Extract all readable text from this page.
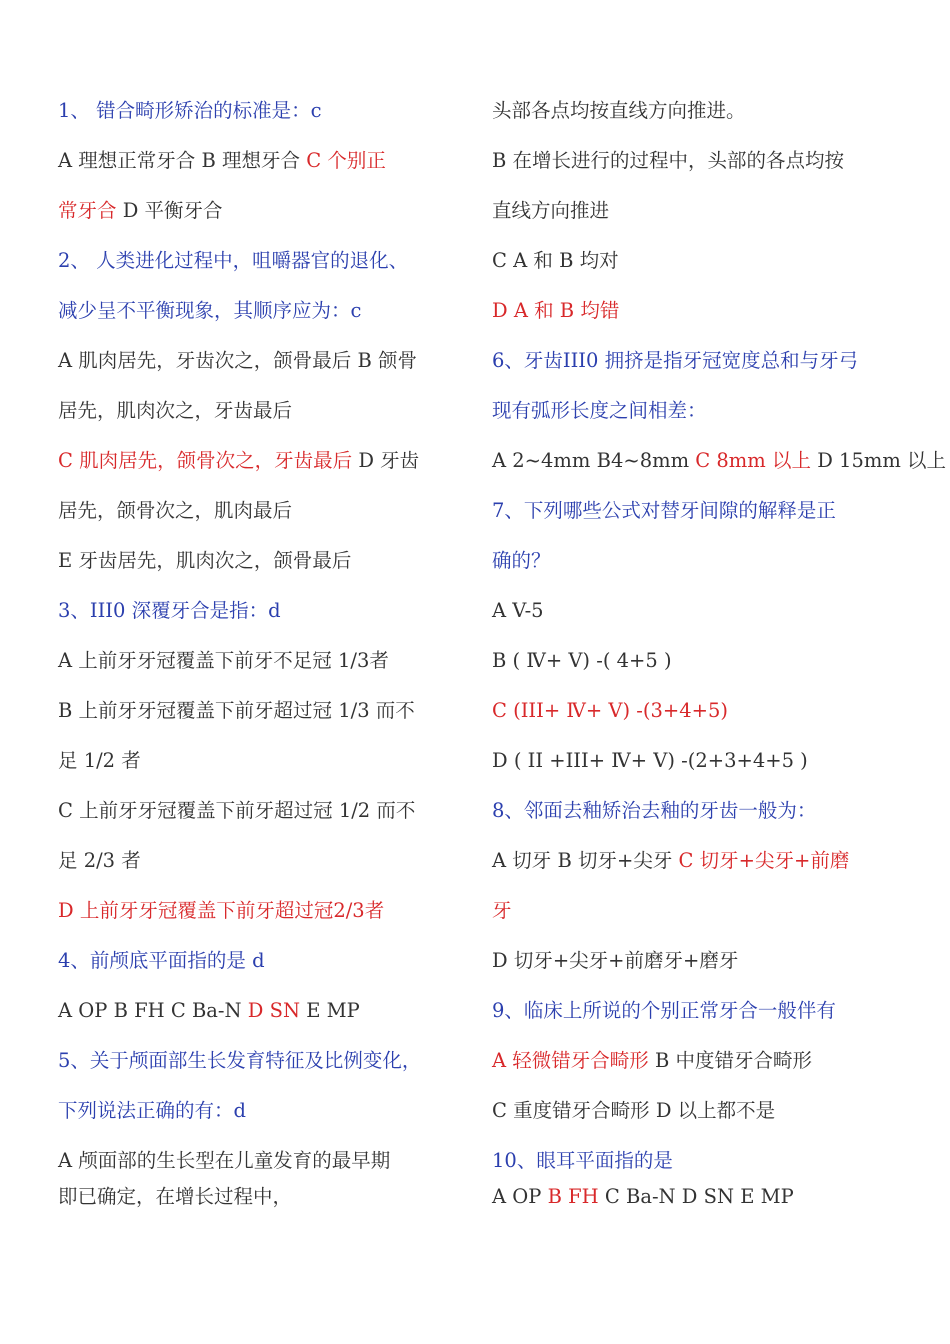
1、 错合畸形矫治的标准是：c
A 理想正常牙合 B 理想牙合 C 个别正
常牙合 D 平衡牙合
2、 人类进化过程中，咀嚼器官的退化、
减少呈不平衡现象，其顺序应为：c
A 肌肉居先，牙齿次之，颌骨最后 B 颌骨
居先，肌肉次之，牙齿最后
C 肌肉居先，颌骨次之，牙齿最后 D 牙齿
居先，颌骨次之，肌肉最后
E 牙齿居先，肌肉次之，颌骨最后
3、III0 深覆牙合是指：d
A 上前牙牙冠覆盖下前牙不足冠 1/3者
B 上前牙牙冠覆盖下前牙超过冠 1/3 而不
足 1/2 者
C 上前牙牙冠覆盖下前牙超过冠 1/2 而不
足 2/3 者
D 上前牙牙冠覆盖下前牙超过冠2/3者
4、前颅底平面指的是 d
A OP B FH C Ba-N D SN E MP
5、关于颅面部生长发育特征及比例变化，
下列说法正确的有：d
A 颅面部的生长型在儿童发育的最早期
即已确定，在增长过程中，
头部各点均按直线方向推进。
B 在增长进行的过程中，头部的各点均按
直线方向推进
C A 和 B 均对
D A 和 B 均错
6、牙齿III0 拥挤是指牙冠宽度总和与牙弓
现有弧形长度之间相差：
A 2~4mm B4~8mm C 8mm 以上 D 15mm 以上
7、下列哪些公式对替牙间隙的解释是正
确的？
A V-5
B ( Ⅳ+ V) -( 4+5 )
C (III+ Ⅳ+ V) -(3+4+5)
D ( II +III+ Ⅳ+ V) -(2+3+4+5 )
8、邻面去釉矫治去釉的牙齿一般为：
A 切牙 B 切牙+尖牙 C 切牙+尖牙+前磨
牙
D 切牙+尖牙+前磨牙+磨牙
9、临床上所说的个别正常牙合一般伴有
A 轻微错牙合畸形 B 中度错牙合畸形
C 重度错牙合畸形 D 以上都不是
10、眼耳平面指的是
A OP B FH C Ba-N D SN E MP
